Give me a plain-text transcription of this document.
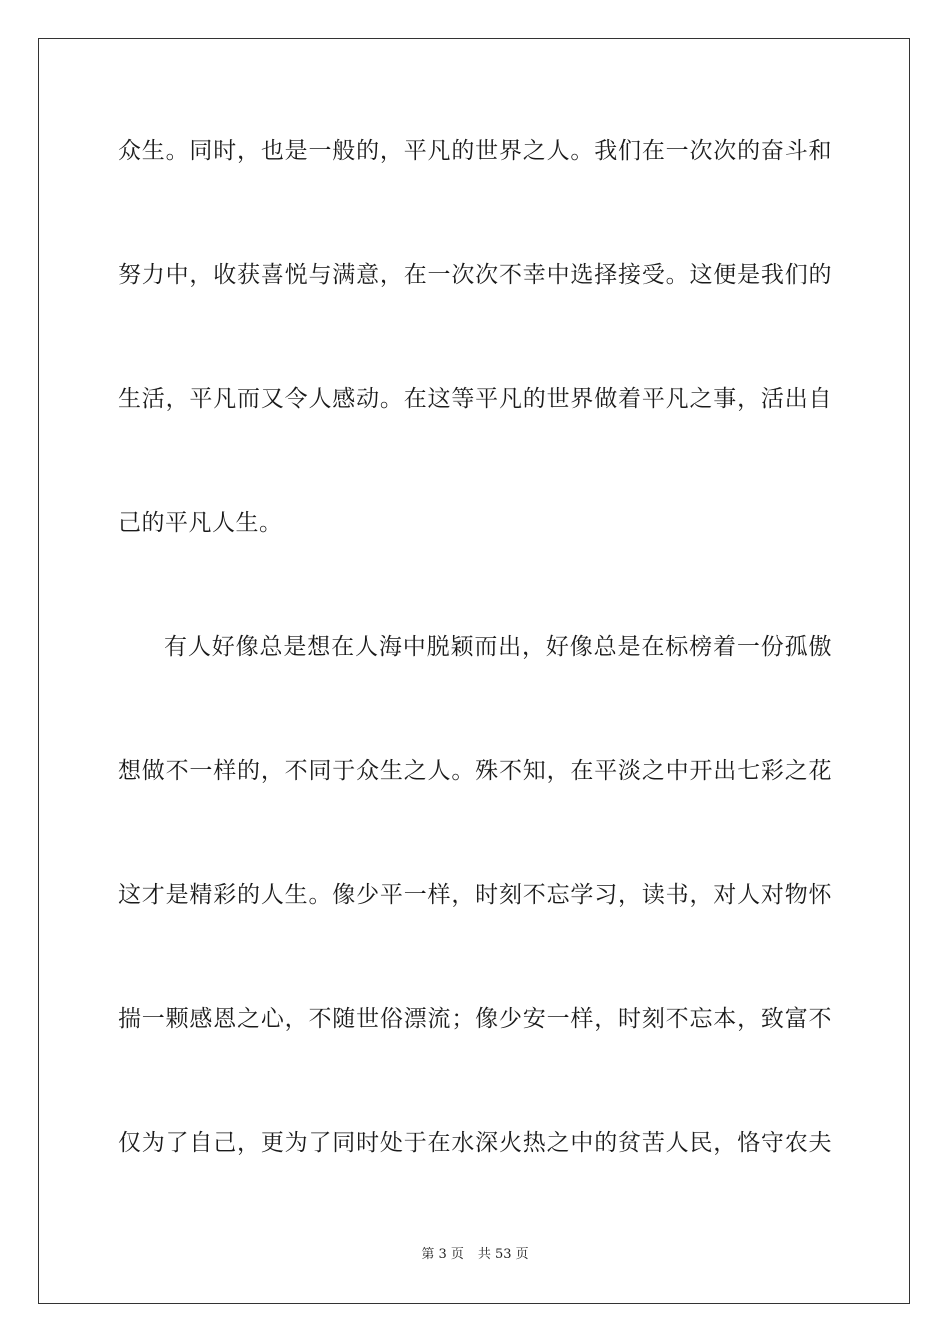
众生。同时，也是一般的，平凡的世界之人。我们在一次次的奋斗和
努力中，收获喜悦与满意，在一次次不幸中选择接受。这便是我们的
生活，平凡而又令人感动。在这等平凡的世界做着平凡之事，活出自
己的平凡人生。
有人好像总是想在人海中脱颖而出，好像总是在标榜着一份孤傲
想做不一样的，不同于众生之人。殊不知，在平淡之中开出七彩之花
这才是精彩的人生。像少平一样，时刻不忘学习，读书，对人对物怀
揣一颗感恩之心，不随世俗漂流；像少安一样，时刻不忘本，致富不
仅为了自己，更为了同时处于在水深火热之中的贫苦人民，恪守农夫
第 3 页 共 53 页
